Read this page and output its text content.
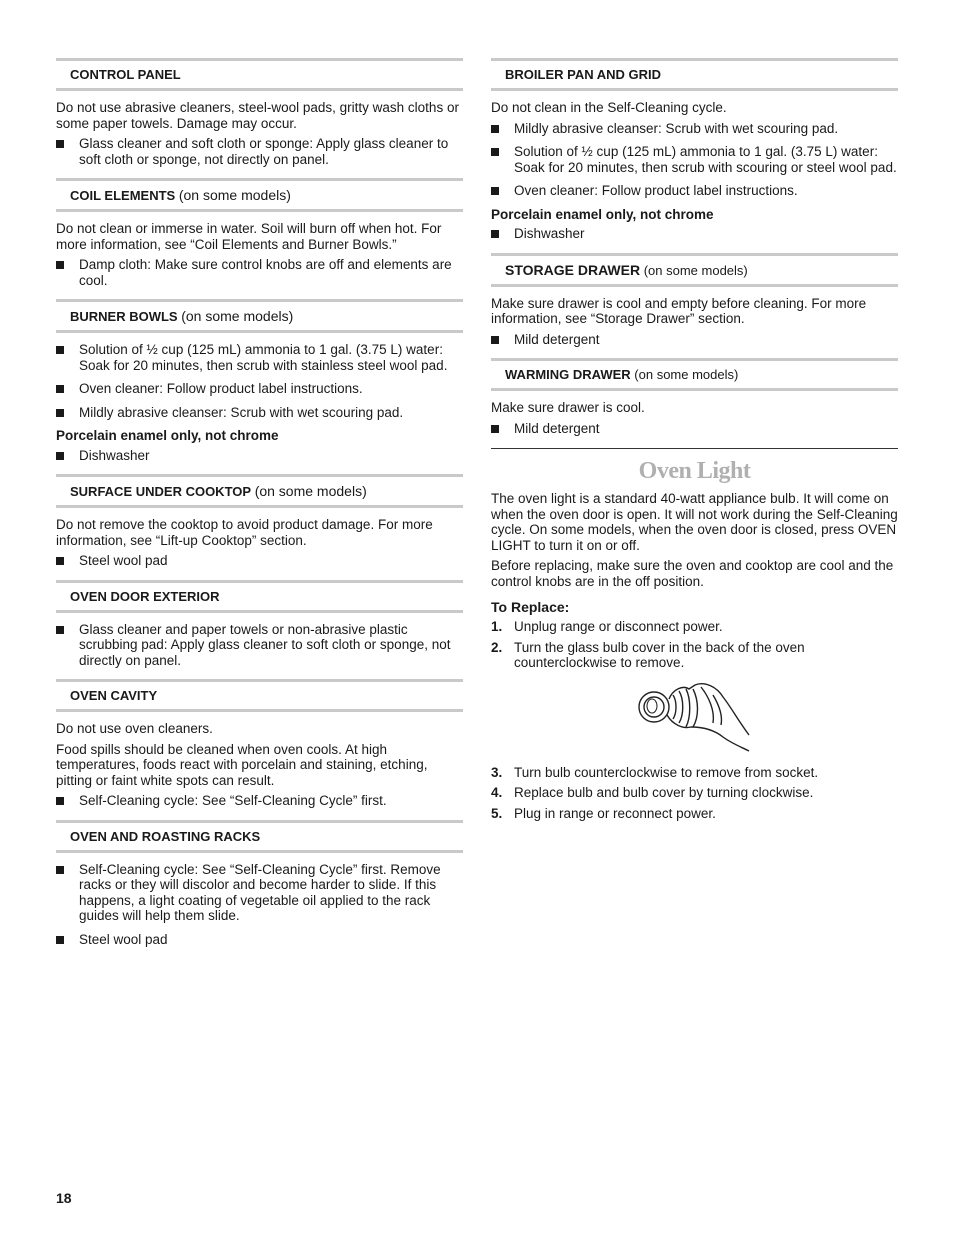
CONTROL PANEL

Do not use abrasive cleaners, steel-wool pads, gritty wash cloths or some paper towels. Damage may occur.

Glass cleaner and soft cloth or sponge: Apply glass cleaner to soft cloth or sponge, not directly on panel.
COIL ELEMENTS (on some models)

Do not clean or immerse in water. Soil will burn off when hot. For more information, see “Coil Elements and Burner Bowls.”

Damp cloth: Make sure control knobs are off and elements are cool.
BURNER BOWLS (on some models)
Solution of ½ cup (125 mL) ammonia to 1 gal. (3.75 L) water: Soak for 20 minutes, then scrub with stainless steel wool pad.
Oven cleaner: Follow product label instructions.
Mildly abrasive cleanser: Scrub with wet scouring pad.

Porcelain enamel only, not chrome

Dishwasher
SURFACE UNDER COOKTOP (on some models)

Do not remove the cooktop to avoid product damage. For more information, see “Lift-up Cooktop” section.

Steel wool pad
OVEN DOOR EXTERIOR
Glass cleaner and paper towels or non-abrasive plastic scrubbing pad: Apply glass cleaner to soft cloth or sponge, not directly on panel.
OVEN CAVITY

Do not use oven cleaners.

Food spills should be cleaned when oven cools. At high temperatures, foods react with porcelain and staining, etching, pitting or faint white spots can result.

Self-Cleaning cycle: See “Self-Cleaning Cycle” first.
OVEN AND ROASTING RACKS
Self-Cleaning cycle: See “Self-Cleaning Cycle” first. Remove racks or they will discolor and become harder to slide. If this happens, a light coating of vegetable oil applied to the rack guides will help them slide.
Steel wool pad
BROILER PAN AND GRID

Do not clean in the Self-Cleaning cycle.

Mildly abrasive cleanser: Scrub with wet scouring pad.
Solution of ½ cup (125 mL) ammonia to 1 gal. (3.75 L) water: Soak for 20 minutes, then scrub with scouring or steel wool pad.
Oven cleaner: Follow product label instructions.

Porcelain enamel only, not chrome

Dishwasher
STORAGE DRAWER (on some models)

Make sure drawer is cool and empty before cleaning. For more information, see “Storage Drawer” section.

Mild detergent
WARMING DRAWER (on some models)

Make sure drawer is cool.

Mild detergent
Oven Light

The oven light is a standard 40-watt appliance bulb. It will come on when the oven door is open. It will not work during the Self-Cleaning cycle. On some models, when the oven door is closed, press OVEN LIGHT to turn it on or off.

Before replacing, make sure the oven and cooktop are cool and the control knobs are in the off position.

To Replace:
1. Unplug range or disconnect power.
2. Turn the glass bulb cover in the back of the oven counterclockwise to remove.
3. Turn bulb counterclockwise to remove from socket.
4. Replace bulb and bulb cover by turning clockwise.
5. Plug in range or reconnect power.
18
